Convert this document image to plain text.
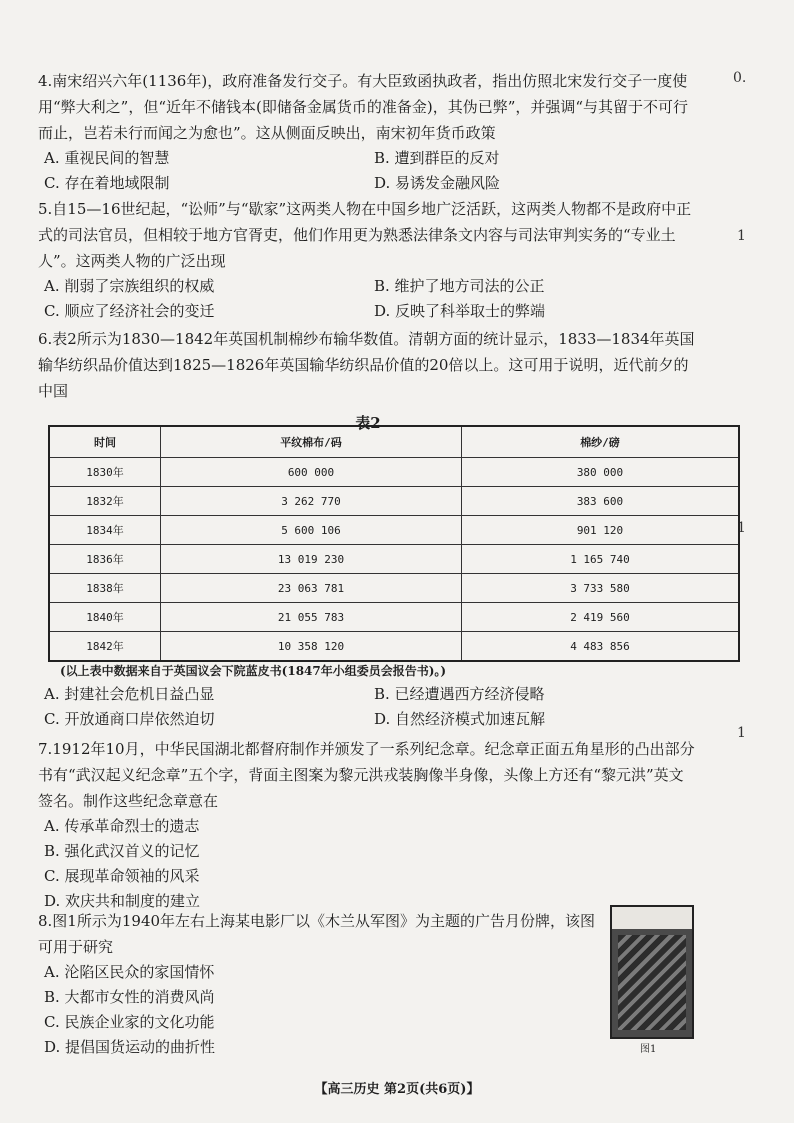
0.
1
1
1

4.南宋绍兴六年(1136年)，政府准备发行交子。有大臣致函执政者，指出仿照北宋发行交子一度使用“弊大利之”，但“近年不储钱本(即储备金属货币的准备金)，其伪已弊”，并强调“与其留于不可行而止，岂若未行而闻之为愈也”。这从侧面反映出，南宋初年货币政策

A. 重视民间的智慧	B. 遭到群臣的反对
C. 存在着地域限制	D. 易诱发金融风险

5.自15—16世纪起，“讼师”与“歇家”这两类人物在中国乡地广泛活跃，这两类人物都不是政府中正式的司法官员，但相较于地方官胥吏，他们作用更为熟悉法律条文内容与司法审判实务的“专业土人”。这两类人物的广泛出现

A. 削弱了宗族组织的权威	B. 维护了地方司法的公正
C. 顺应了经济社会的变迁	D. 反映了科举取士的弊端

6.表2所示为1830—1842年英国机制棉纱布输华数值。清朝方面的统计显示，1833—1834年英国输华纺织品价值达到1825—1826年英国输华纺织品价值的20倍以上。这可用于说明，近代前夕的中国

表2
时间	平纹棉布/码	棉纱/磅
1830年	600 000	380 000
1832年	3 262 770	383 600
1834年	5 600 106	901 120
1836年	13 019 230	1 165 740
1838年	23 063 781	3 733 580
1840年	21 055 783	2 419 560
1842年	10 358 120	4 483 856
(以上表中数据来自于英国议会下院蓝皮书(1847年小组委员会报告书)。)
A. 封建社会危机日益凸显	B. 已经遭遇西方经济侵略
C. 开放通商口岸依然迫切	D. 自然经济模式加速瓦解

7.1912年10月，中华民国湖北都督府制作并颁发了一系列纪念章。纪念章正面五角星形的凸出部分书有“武汉起义纪念章”五个字，背面主图案为黎元洪戎装胸像半身像，头像上方还有“黎元洪”英文签名。制作这些纪念章意在

A. 传承革命烈士的遗志
B. 强化武汉首义的记忆
C. 展现革命领袖的风采
D. 欢庆共和制度的建立

8.图1所示为1940年左右上海某电影厂以《木兰从军图》为主题的广告月份牌，该图可用于研究

A. 沦陷区民众的家国情怀
B. 大都市女性的消费风尚
C. 民族企业家的文化功能
D. 提倡国货运动的曲折性	图1
【高三历史 第2页(共6页)】
